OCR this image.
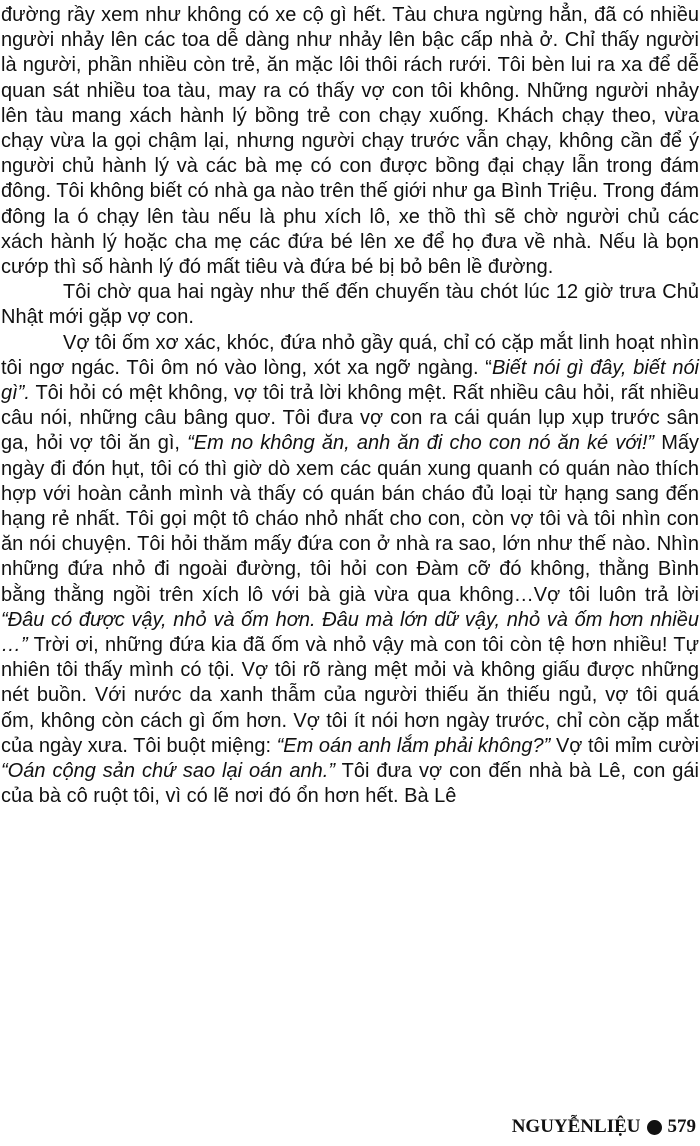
đường rầy xem như không có xe cộ gì hết. Tàu chưa ngừng hẳn, đã có nhiều người nhảy lên các toa dễ dàng như nhảy lên bậc cấp nhà ở. Chỉ thấy người là người, phần nhiều còn trẻ, ăn mặc lôi thôi rách rưới. Tôi bèn lui ra xa để dễ quan sát nhiều toa tàu, may ra có thấy vợ con tôi không. Những người nhảy lên tàu mang xách hành lý bồng trẻ con chạy xuống. Khách chạy theo, vừa chạy vừa la gọi chậm lại, nhưng người chạy trước vẫn chạy, không cần để ý người chủ hành lý và các bà mẹ có con được bồng đại chạy lẫn trong đám đông. Tôi không biết có nhà ga nào trên thế giới như ga Bình Triệu. Trong đám đông la ó chạy lên tàu nếu là phu xích lô, xe thồ thì sẽ chờ người chủ các xách hành lý hoặc cha mẹ các đứa bé lên xe để họ đưa về nhà. Nếu là bọn cướp thì số hành lý đó mất tiêu và đứa bé bị bỏ bên lề đường.

Tôi chờ qua hai ngày như thế đến chuyến tàu chót lúc 12 giờ trưa Chủ Nhật mới gặp vợ con.

Vợ tôi ốm xơ xác, khóc, đứa nhỏ gầy quá, chỉ có cặp mắt linh hoạt nhìn tôi ngơ ngác. Tôi ôm nó vào lòng, xót xa ngỡ ngàng. “Biết nói gì đây, biết nói gì”. Tôi hỏi có mệt không, vợ tôi trả lời không mệt. Rất nhiều câu hỏi, rất nhiều câu nói, những câu bâng quơ. Tôi đưa vợ con ra cái quán lụp xụp trước sân ga, hỏi vợ tôi ăn gì, “Em no không ăn, anh ăn đi cho con nó ăn ké với!” Mấy ngày đi đón hụt, tôi có thì giờ dò xem các quán xung quanh có quán nào thích hợp với hoàn cảnh mình và thấy có quán bán cháo đủ loại từ hạng sang đến hạng rẻ nhất. Tôi gọi một tô cháo nhỏ nhất cho con, còn vợ tôi và tôi nhìn con ăn nói chuyện. Tôi hỏi thăm mấy đứa con ở nhà ra sao, lớn như thế nào. Nhìn những đứa nhỏ đi ngoài đường, tôi hỏi con Đàm cỡ đó không, thằng Bình bằng thằng ngồi trên xích lô với bà già vừa qua không…Vợ tôi luôn trả lời “Đâu có được vậy, nhỏ và ốm hơn. Đâu mà lớn dữ vậy, nhỏ và ốm hơn nhiều …” Trời ơi, những đứa kia đã ốm và nhỏ vậy mà con tôi còn tệ hơn nhiều! Tự nhiên tôi thấy mình có tội. Vợ tôi rõ ràng mệt mỏi và không giấu được những nét buồn. Với nước da xanh thẫm của người thiếu ăn thiếu ngủ, vợ tôi quá ốm, không còn cách gì ốm hơn. Vợ tôi ít nói hơn ngày trước, chỉ còn cặp mắt của ngày xưa. Tôi buột miệng: “Em oán anh lắm phải không?” Vợ tôi mỉm cười “Oán cộng sản chứ sao lại oán anh.” Tôi đưa vợ con đến nhà bà Lê, con gái của bà cô ruột tôi, vì có lẽ nơi đó ổn hơn hết. Bà Lê

NGUYỄNLIỆU 579
